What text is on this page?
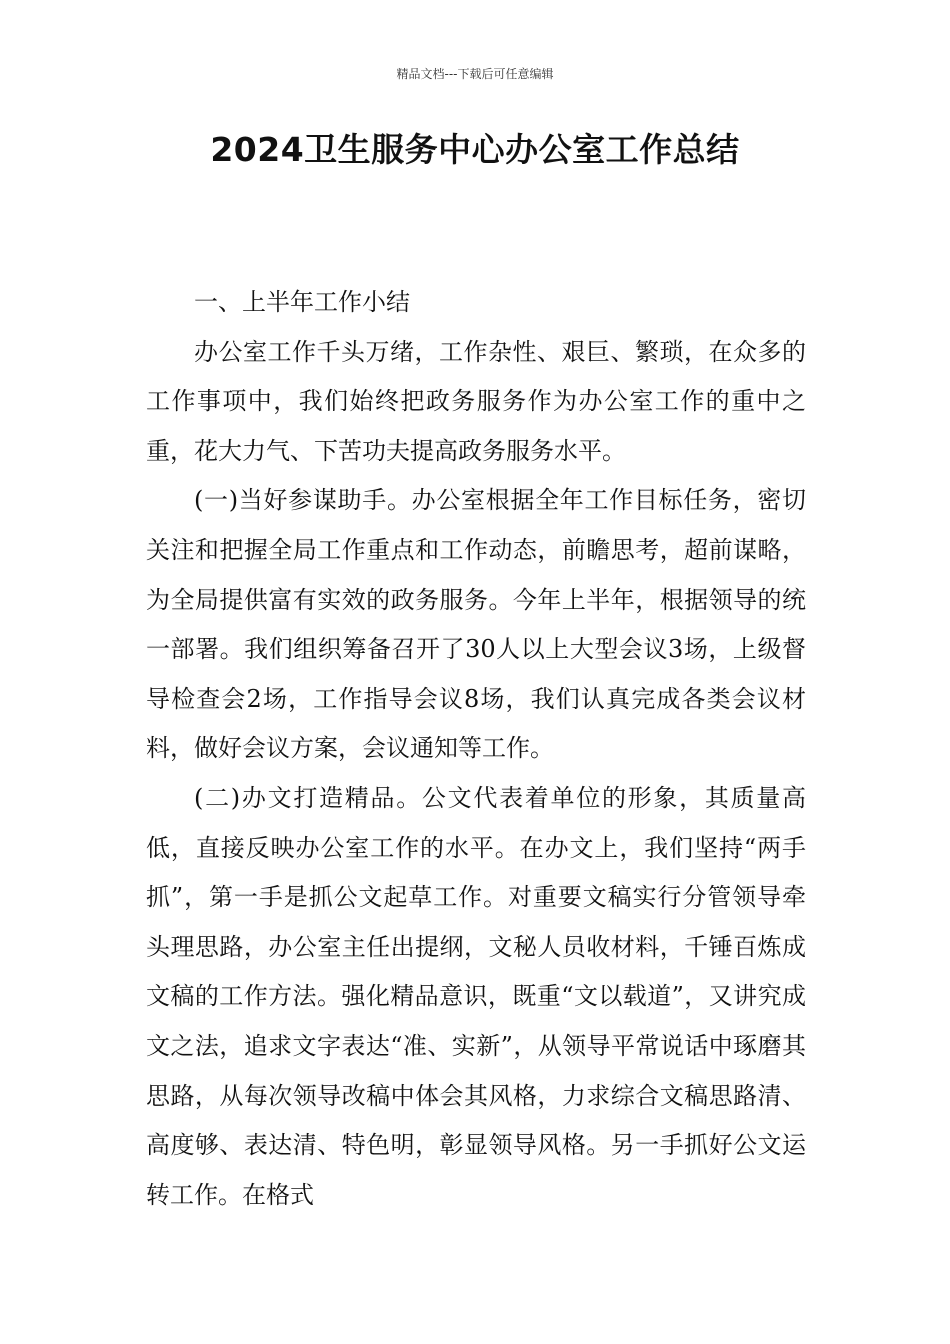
精品文档---下载后可任意编辑
2024卫生服务中心办公室工作总结

一、上半年工作小结

办公室工作千头万绪，工作杂性、艰巨、繁琐，在众多的工作事项中，我们始终把政务服务作为办公室工作的重中之重，花大力气、下苦功夫提高政务服务水平。

(一)当好参谋助手。办公室根据全年工作目标任务，密切关注和把握全局工作重点和工作动态，前瞻思考，超前谋略，为全局提供富有实效的政务服务。今年上半年，根据领导的统一部署。我们组织筹备召开了30人以上大型会议3场，上级督导检查会2场，工作指导会议8场，我们认真完成各类会议材料，做好会议方案，会议通知等工作。

(二)办文打造精品。公文代表着单位的形象，其质量高低，直接反映办公室工作的水平。在办文上，我们坚持“两手抓”，第一手是抓公文起草工作。对重要文稿实行分管领导牵头理思路，办公室主任出提纲，文秘人员收材料，千锤百炼成文稿的工作方法。强化精品意识，既重“文以载道”，又讲究成文之法，追求文字表达“准、实新”，从领导平常说话中琢磨其思路，从每次领导改稿中体会其风格，力求综合文稿思路清、高度够、表达清、特色明，彰显领导风格。另一手抓好公文运转工作。在格式
